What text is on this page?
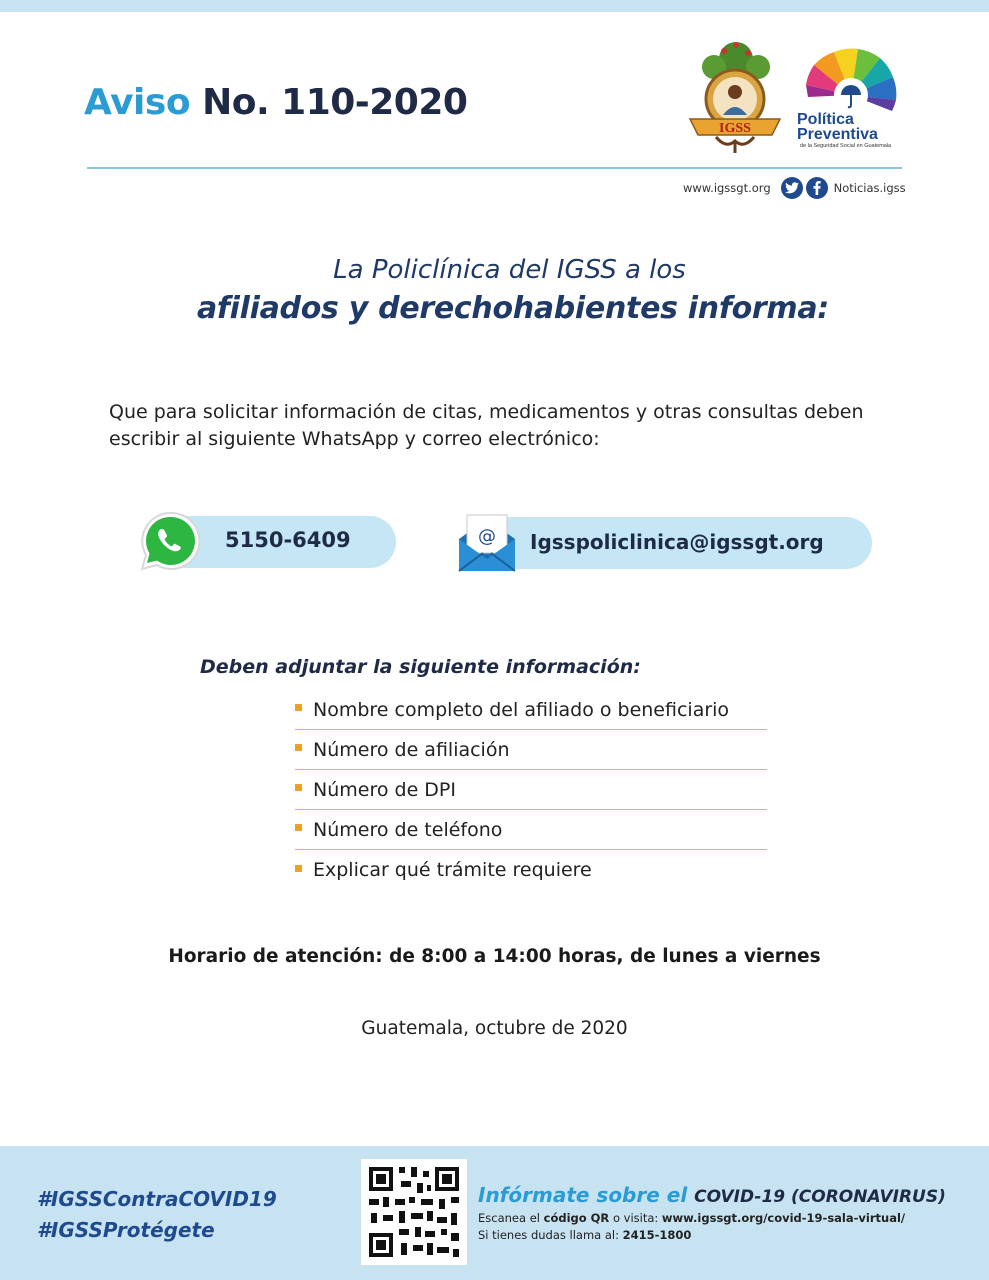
Aviso No. 110-2020
IGSS
Política
Preventiva
de la Seguridad Social en Guatemala
www.igssgt.org	Noticias.igss
La Policlínica del IGSS a los
afiliados y derechohabientes informa:

Que para solicitar información de citas, medicamentos y otras consultas deben escribir al siguiente WhatsApp y correo electrónico:

5150-6409	@ Igsspoliclinica@igssgt.org
Deben adjuntar la siguiente información:
Nombre completo del afiliado o beneficiario
Número de afiliación
Número de DPI
Número de teléfono
Explicar qué trámite requiere
Horario de atención: de 8:00 a 14:00 horas, de lunes a viernes
Guatemala, octubre de 2020
#IGSSContraCOVID19
#IGSSProtégete
Infórmate sobre el COVID-19 (CORONAVIRUS)
Escanea el código QR o visita: www.igssgt.org/covid-19-sala-virtual/
Si tienes dudas llama al: 2415-1800
